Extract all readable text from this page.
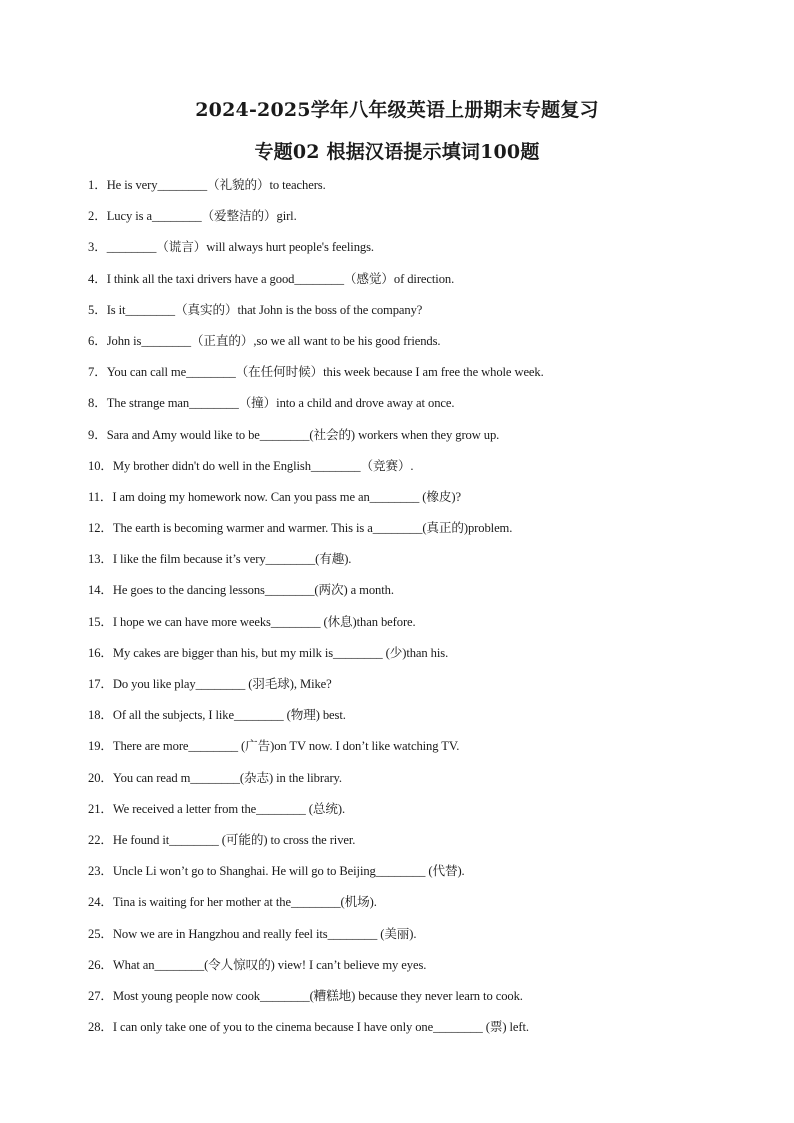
2024-2025学年八年级英语上册期末专题复习
专题02 根据汉语提示填词100题
1．He is very________（礼貌的）to teachers.
2．Lucy is a________（爱整洁的）girl.
3．________（谎言）will always hurt people's feelings.
4．I think all the taxi drivers have a good________（感觉）of direction.
5．Is it________（真实的）that John is the boss of the company?
6．John is________（正直的）,so we all want to be his good friends.
7．You can call me________（在任何时候）this week because I am free the whole week.
8．The strange man________（撞）into a child and drove away at once.
9．Sara and Amy would like to be________(社会的) workers when they grow up.
10．My brother didn't do well in the English________（竞赛）.
11．I am doing my homework now. Can you pass me an________ (橡皮)?
12．The earth is becoming warmer and warmer. This is a________(真正的)problem.
13．I like the film because it’s very________(有趣).
14．He goes to the dancing lessons________(两次) a month.
15．I hope we can have more weeks________ (休息)than before.
16．My cakes are bigger than his, but my milk is________ (少)than his.
17．Do you like play________ (羽毛球), Mike?
18．Of all the subjects, I like________ (物理) best.
19．There are more________ (广告)on TV now. I don’t like watching TV.
20．You can read m________(杂志) in the library.
21．We received a letter from the________ (总统).
22．He found it________ (可能的) to cross the river.
23．Uncle Li won’t go to Shanghai. He will go to Beijing________ (代替).
24．Tina is waiting for her mother at the________(机场).
25．Now we are in Hangzhou and really feel its________ (美丽).
26．What an________(令人惊叹的) view! I can’t believe my eyes.
27．Most young people now cook________(糟糕地) because they never learn to cook.
28．I can only take one of you to the cinema because I have only one________ (票) left.
